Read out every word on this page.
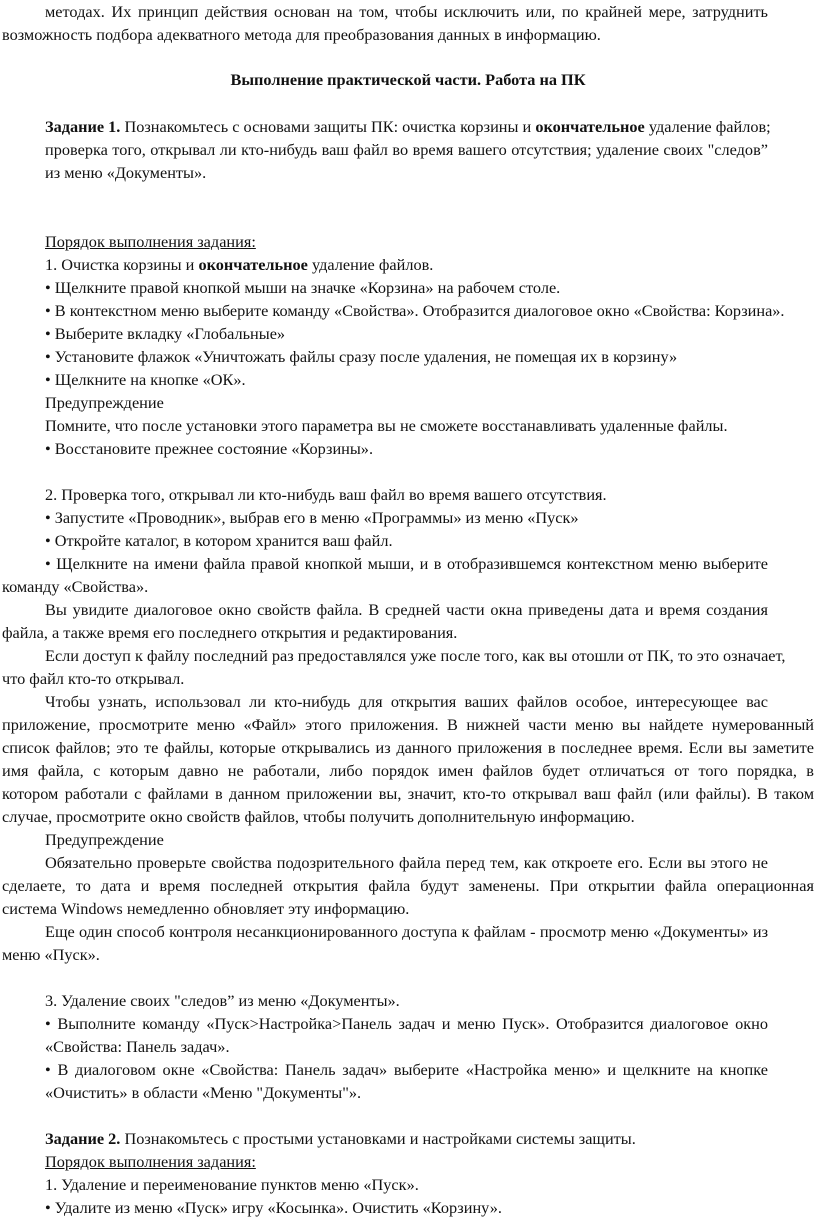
методах. Их принцип действия основан на том, чтобы исключить или, по крайней мере, затруднить
возможность подбора адекватного метода для преобразования данных в информацию.
Выполнение практической части. Работа на ПК
Задание 1. Познакомьтесь с основами защиты ПК: очистка корзины и окончательное удаление файлов;
проверка того, открывал ли кто-нибудь ваш файл во время вашего отсутствия; удаление своих "следов”
из меню «Документы».
Порядок выполнения задания:
1. Очистка корзины и окончательное удаление файлов.
• Щелкните правой кнопкой мыши на значке «Корзина» на рабочем столе.
• В контекстном меню выберите команду «Свойства». Отобразится диалоговое окно «Свойства: Корзина».
• Выберите вкладку «Глобальные»
• Установите флажок «Уничтожать файлы сразу после удаления, не помещая их в корзину»
• Щелкните на кнопке «ОК».
Предупреждение
Помните, что после установки этого параметра вы не сможете восстанавливать удаленные файлы.
• Восстановите прежнее состояние «Корзины».
2. Проверка того, открывал ли кто-нибудь ваш файл во время вашего отсутствия.
• Запустите «Проводник», выбрав его в меню «Программы» из меню «Пуск»
• Откройте каталог, в котором хранится ваш файл.
• Щелкните на имени файла правой кнопкой мыши, и в отобразившемся контекстном меню выберите
команду «Свойства».
Вы увидите диалоговое окно свойств файла. В средней части окна приведены дата и время создания
файла, а также время его последнего открытия и редактирования.
Если доступ к файлу последний раз предоставлялся уже после того, как вы отошли от ПК, то это означает,
что файл кто-то открывал.
Чтобы узнать, использовал ли кто-нибудь для открытия ваших файлов особое, интересующее вас
приложение, просмотрите меню «Файл» этого приложения. В нижней части меню вы найдете нумерованный
список файлов; это те файлы, которые открывались из данного приложения в последнее время. Если вы заметите
имя файла, с которым давно не работали, либо порядок имен файлов будет отличаться от того порядка, в
котором работали с файлами в данном приложении вы, значит, кто-то открывал ваш файл (или файлы). В таком
случае, просмотрите окно свойств файлов, чтобы получить дополнительную информацию.
Предупреждение
Обязательно проверьте свойства подозрительного файла перед тем, как откроете его. Если вы этого не
сделаете, то дата и время последней открытия файла будут заменены. При открытии файла операционная
система Windows немедленно обновляет эту информацию.
Еще один способ контроля несанкционированного доступа к файлам - просмотр меню «Документы» из
меню «Пуск».
3. Удаление своих "следов” из меню «Документы».
• Выполните команду «Пуск>Настройка>Панель задач и меню Пуск». Отобразится диалоговое окно
«Свойства: Панель задач».
• В диалоговом окне «Свойства: Панель задач» выберите «Настройка меню» и щелкните на кнопке
«Очистить» в области «Меню "Документы"».
Задание 2. Познакомьтесь с простыми установками и настройками системы защиты.
Порядок выполнения задания:
1. Удаление и переименование пунктов меню «Пуск».
• Удалите из меню «Пуск» игру «Косынка». Очистить «Корзину».
